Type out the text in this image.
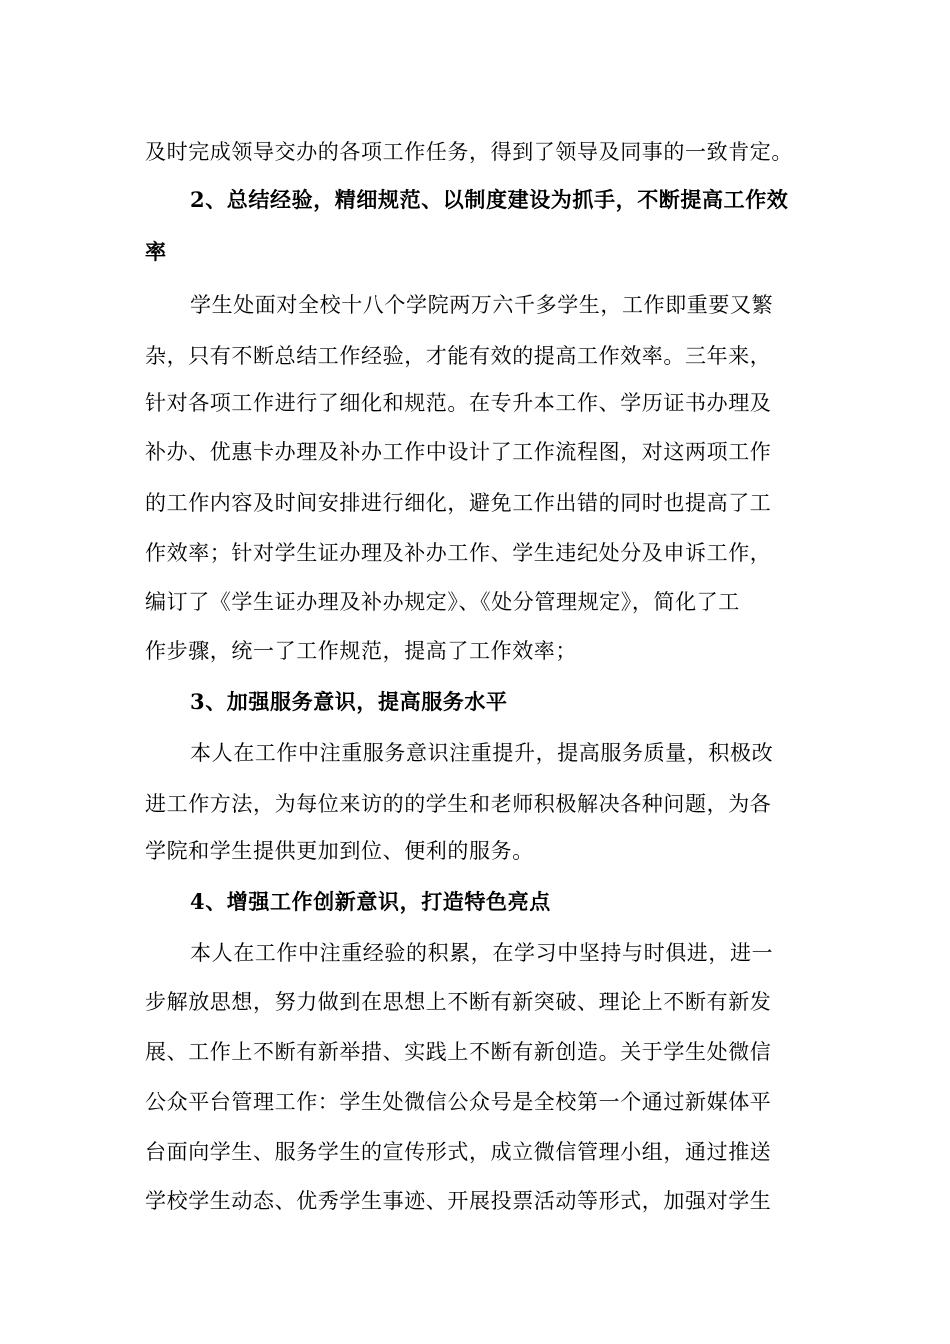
及时完成领导交办的各项工作任务，得到了领导及同事的一致肯定。
2、总结经验，精细规范、以制度建设为抓手，不断提高工作效
率
学生处面对全校十八个学院两万六千多学生，工作即重要又繁
杂，只有不断总结工作经验，才能有效的提高工作效率。三年来，
针对各项工作进行了细化和规范。在专升本工作、学历证书办理及
补办、优惠卡办理及补办工作中设计了工作流程图，对这两项工作
的工作内容及时间安排进行细化，避免工作出错的同时也提高了工
作效率；针对学生证办理及补办工作、学生违纪处分及申诉工作，
编订了《学生证办理及补办规定》、《处分管理规定》，简化了工
作步骤，统一了工作规范，提高了工作效率；
3、加强服务意识，提高服务水平
本人在工作中注重服务意识注重提升，提高服务质量，积极改
进工作方法，为每位来访的的学生和老师积极解决各种问题，为各
学院和学生提供更加到位、便利的服务。
4、增强工作创新意识，打造特色亮点
本人在工作中注重经验的积累，在学习中坚持与时俱进，进一
步解放思想，努力做到在思想上不断有新突破、理论上不断有新发
展、工作上不断有新举措、实践上不断有新创造。关于学生处微信
公众平台管理工作：学生处微信公众号是全校第一个通过新媒体平
台面向学生、服务学生的宣传形式，成立微信管理小组，通过推送
学校学生动态、优秀学生事迹、开展投票活动等形式，加强对学生
